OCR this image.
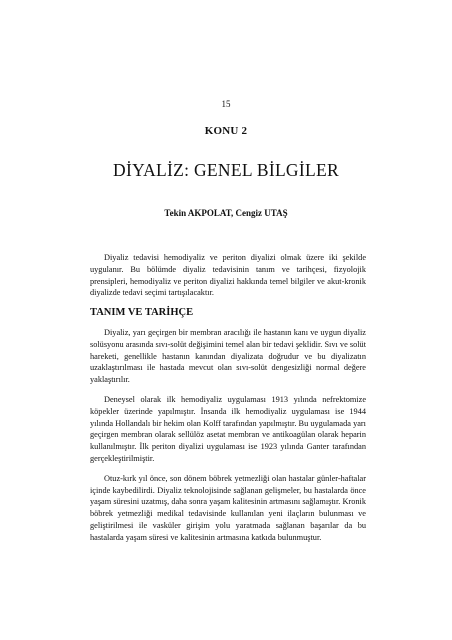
15
KONU 2
DİYALİZ: GENEL BİLGİLER
Tekin AKPOLAT, Cengiz UTAŞ

Diyaliz tedavisi hemodiyaliz ve periton diyalizi olmak üzere iki şekilde uygulanır. Bu bölümde diyaliz tedavisinin tanım ve tarihçesi, fizyolojik prensipleri, hemodiyaliz ve periton diyalizi hakkında temel bilgiler ve akut-kronik diyalizde tedavi seçimi tartışılacaktır.

TANIM VE TARİHÇE

Diyaliz, yarı geçirgen bir membran aracılığı ile hastanın kanı ve uygun diyaliz solüsyonu arasında sıvı-solüt değişimini temel alan bir tedavi şeklidir. Sıvı ve solüt hareketi, genellikle hastanın kanından diyalizata doğrudur ve bu diyalizatın uzaklaştırılması ile hastada mevcut olan sıvı-solüt dengesizliği normal değere yaklaştırılır.

Deneysel olarak ilk hemodiyaliz uygulaması 1913 yılında nefrektomize köpekler üzerinde yapılmıştır. İnsanda ilk hemodiyaliz uygulaması ise 1944 yılında Hollandalı bir hekim olan Kolff tarafından yapılmıştır. Bu uygulamada yarı geçirgen membran olarak sellülöz asetat membran ve antikoagülan olarak heparin kullanılmıştır. İlk periton diyalizi uygulaması ise 1923 yılında Ganter tarafından gerçekleştirilmiştir.

Otuz-kırk yıl önce, son dönem böbrek yetmezliği olan hastalar günler-haftalar içinde kaybedilirdi. Diyaliz teknolojisinde sağlanan gelişmeler, bu hastalarda önce yaşam süresini uzatmış, daha sonra yaşam kalitesinin artmasını sağlamıştır. Kronik böbrek yetmezliği medikal tedavisinde kullanılan yeni ilaçların bulunması ve geliştirilmesi ile vasküler girişim yolu yaratmada sağlanan başarılar da bu hastalarda yaşam süresi ve kalitesinin artmasına katkıda bulunmuştur.
